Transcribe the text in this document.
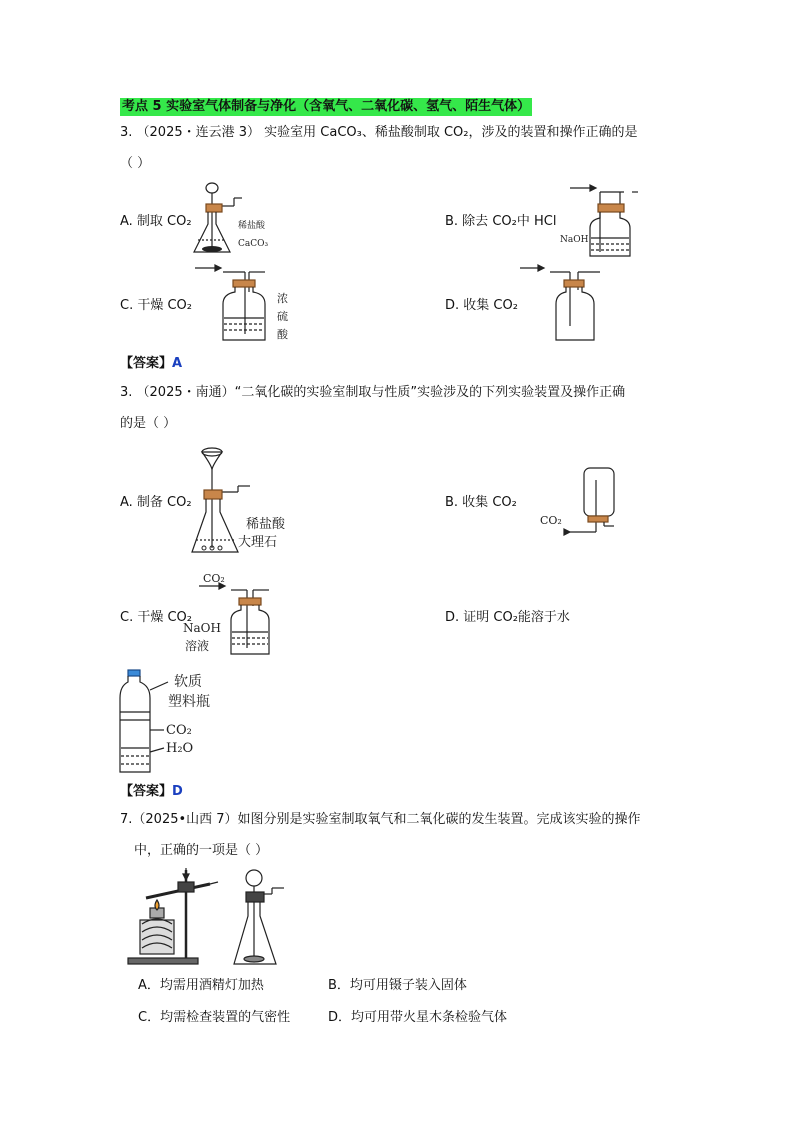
考点 5 实验室气体制备与净化（含氧气、二氧化碳、氢气、陌生气体）
3. （2025・连云港 3） 实验室用 CaCO₃、稀盐酸制取 CO₂，涉及的装置和操作正确的是
（ ）
A. 制取 CO₂	B. 除去 CO₂中 HCl
C. 干燥 CO₂	D. 收集 CO₂
稀盐酸
CaCO₃	NaOH
浓
硫
酸
【答案】A
3. （2025・南通）“二氧化碳的实验室制取与性质”实验涉及的下列实验装置及操作正确
的是（ ）
A. 制备 CO₂	B. 收集 CO₂
C. 干燥 CO₂	D. 证明 CO₂能溶于水
稀盐酸
大理石
CO₂
CO₂
NaOH
溶液
软质
塑料瓶
CO₂
H₂O
【答案】D
7.（2025•山西 7）如图分别是实验室制取氧气和二氧化碳的发生装置。完成该实验的操作
中，正确的一项是（ ）
A．均需用酒精灯加热	B．均可用镊子装入固体
C．均需检查装置的气密性	D．均可用带火星木条检验气体
